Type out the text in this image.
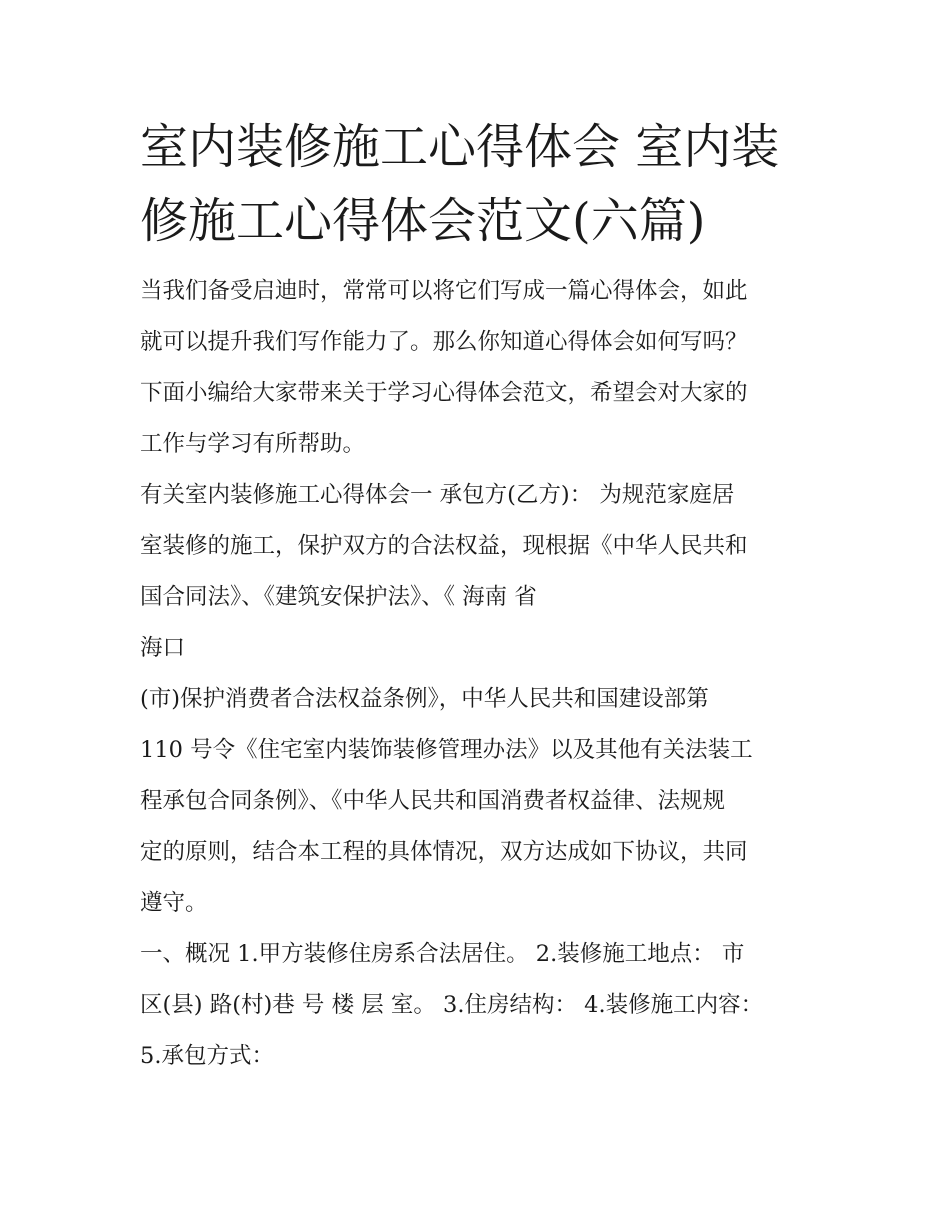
室内装修施工心得体会 室内装
修施工心得体会范文(六篇)
当我们备受启迪时，常常可以将它们写成一篇心得体会，如此
就可以提升我们写作能力了。那么你知道心得体会如何写吗？
下面小编给大家带来关于学习心得体会范文，希望会对大家的
工作与学习有所帮助。
有关室内装修施工心得体会一 承包方(乙方)： 为规范家庭居
室装修的施工，保护双方的合法权益，现根据《中华人民共和
国合同法》、《建筑安保护法》、《 海南 省
海口
(市)保护消费者合法权益条例》，中华人民共和国建设部第
110 号令《住宅室内装饰装修管理办法》以及其他有关法装工
程承包合同条例》、《中华人民共和国消费者权益律、法规规
定的原则，结合本工程的具体情况，双方达成如下协议，共同
遵守。
一、概况 1.甲方装修住房系合法居住。 2.装修施工地点： 市
区(县) 路(村)巷 号 楼 层 室。 3.住房结构： 4.装修施工内容：
5.承包方式：
